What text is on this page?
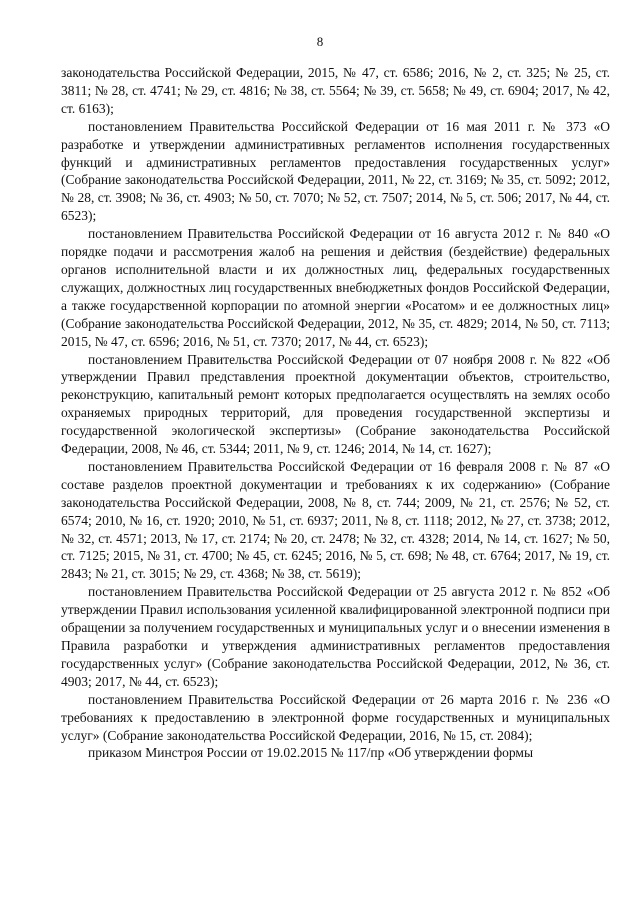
8

законодательства Российской Федерации, 2015, № 47, ст. 6586; 2016, № 2, ст. 325; № 25, ст. 3811; № 28, ст. 4741; № 29, ст. 4816; № 38, ст. 5564; № 39, ст. 5658; № 49, ст. 6904; 2017, № 42, ст. 6163);

постановлением Правительства Российской Федерации от 16 мая 2011 г. № 373 «О разработке и утверждении административных регламентов исполнения государственных функций и административных регламентов предоставления государственных услуг» (Собрание законодательства Российской Федерации, 2011, № 22, ст. 3169; № 35, ст. 5092; 2012, № 28, ст. 3908; № 36, ст. 4903; № 50, ст. 7070; № 52, ст. 7507; 2014, № 5, ст. 506; 2017, № 44, ст. 6523);

постановлением Правительства Российской Федерации от 16 августа 2012 г. № 840 «О порядке подачи и рассмотрения жалоб на решения и действия (бездействие) федеральных органов исполнительной власти и их должностных лиц, федеральных государственных служащих, должностных лиц государственных внебюджетных фондов Российской Федерации, а также государственной корпорации по атомной энергии «Росатом» и ее должностных лиц» (Собрание законодательства Российской Федерации, 2012, № 35, ст. 4829; 2014, № 50, ст. 7113; 2015, № 47, ст. 6596; 2016, № 51, ст. 7370; 2017, № 44, ст. 6523);

постановлением Правительства Российской Федерации от 07 ноября 2008 г. № 822 «Об утверждении Правил представления проектной документации объектов, строительство, реконструкцию, капитальный ремонт которых предполагается осуществлять на землях особо охраняемых природных территорий, для проведения государственной экспертизы и государственной экологической экспертизы» (Собрание законодательства Российской Федерации, 2008, № 46, ст. 5344; 2011, № 9, ст. 1246; 2014, № 14, ст. 1627);

постановлением Правительства Российской Федерации от 16 февраля 2008 г. № 87 «О составе разделов проектной документации и требованиях к их содержанию» (Собрание законодательства Российской Федерации, 2008, № 8, ст. 744; 2009, № 21, ст. 2576; № 52, ст. 6574; 2010, № 16, ст. 1920; 2010, № 51, ст. 6937; 2011, № 8, ст. 1118; 2012, № 27, ст. 3738; 2012, № 32, ст. 4571; 2013, № 17, ст. 2174; № 20, ст. 2478; № 32, ст. 4328; 2014, № 14, ст. 1627; № 50, ст. 7125; 2015, № 31, ст. 4700; № 45, ст. 6245; 2016, № 5, ст. 698; № 48, ст. 6764; 2017, № 19, ст. 2843; № 21, ст. 3015; № 29, ст. 4368; № 38, ст. 5619);

постановлением Правительства Российской Федерации от 25 августа 2012 г. № 852 «Об утверждении Правил использования усиленной квалифицированной электронной подписи при обращении за получением государственных и муниципальных услуг и о внесении изменения в Правила разработки и утверждения административных регламентов предоставления государственных услуг» (Собрание законодательства Российской Федерации, 2012, № 36, ст. 4903; 2017, № 44, ст. 6523);

постановлением Правительства Российской Федерации от 26 марта 2016 г. № 236 «О требованиях к предоставлению в электронной форме государственных и муниципальных услуг» (Собрание законодательства Российской Федерации, 2016, № 15, ст. 2084);

приказом Минстроя России от 19.02.2015 № 117/пр «Об утверждении формы
